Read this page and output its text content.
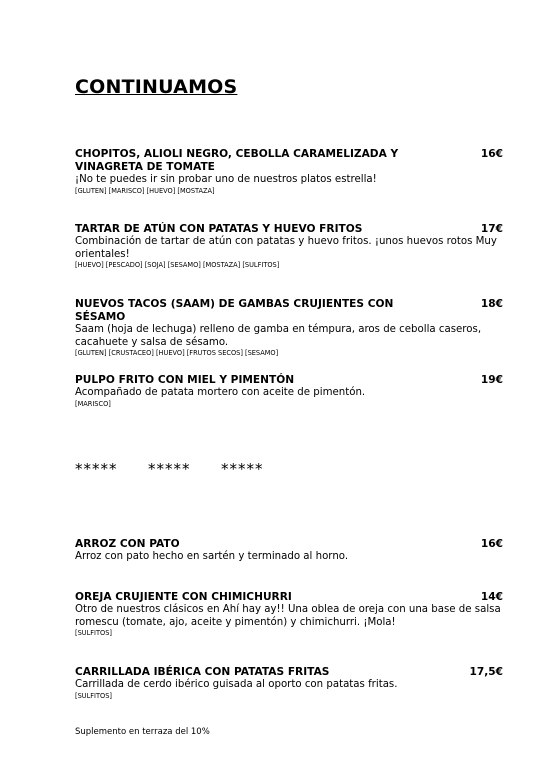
CONTINUAMOS
CHOPITOS, ALIOLI NEGRO, CEBOLLA CARAMELIZADA Y VINAGRETA DE TOMATE
16€
¡No te puedes ir sin probar uno de nuestros platos estrella!
[GLUTEN] [MARISCO] [HUEVO] [MOSTAZA]
TARTAR DE ATÚN CON PATATAS Y HUEVO FRITOS	17€
Combinación de tartar de atún con patatas y huevo fritos. ¡unos huevos rotos Muy orientales!
[HUEVO] [PESCADO] [SOJA] [SESAMO] [MOSTAZA] [SULFITOS]
NUEVOS TACOS (SAAM) DE GAMBAS CRUJIENTES CON SÉSAMO
18€
Saam (hoja de lechuga) relleno de gamba en témpura, aros de cebolla caseros, cacahuete y salsa de sésamo.
[GLUTEN] [CRUSTACEO] [HUEVO] [FRUTOS SECOS] [SESAMO]
PULPO FRITO CON MIEL Y PIMENTÓN	19€
Acompañado de patata mortero con aceite de pimentón.
[MARISCO]
***** ***** *****
ARROZ CON PATO	16€
Arroz con pato hecho en sartén y terminado al horno.
OREJA CRUJIENTE CON CHIMICHURRI	14€
Otro de nuestros clásicos en Ahí hay ay!! Una oblea de oreja con una base de salsa romescu (tomate, ajo, aceite y pimentón) y chimichurri. ¡Mola!
[SULFITOS]
CARRILLADA IBÉRICA CON PATATAS FRITAS	17,5€
Carrillada de cerdo ibérico guisada al oporto con patatas fritas.
[SULFITOS]
Suplemento en terraza del 10%
